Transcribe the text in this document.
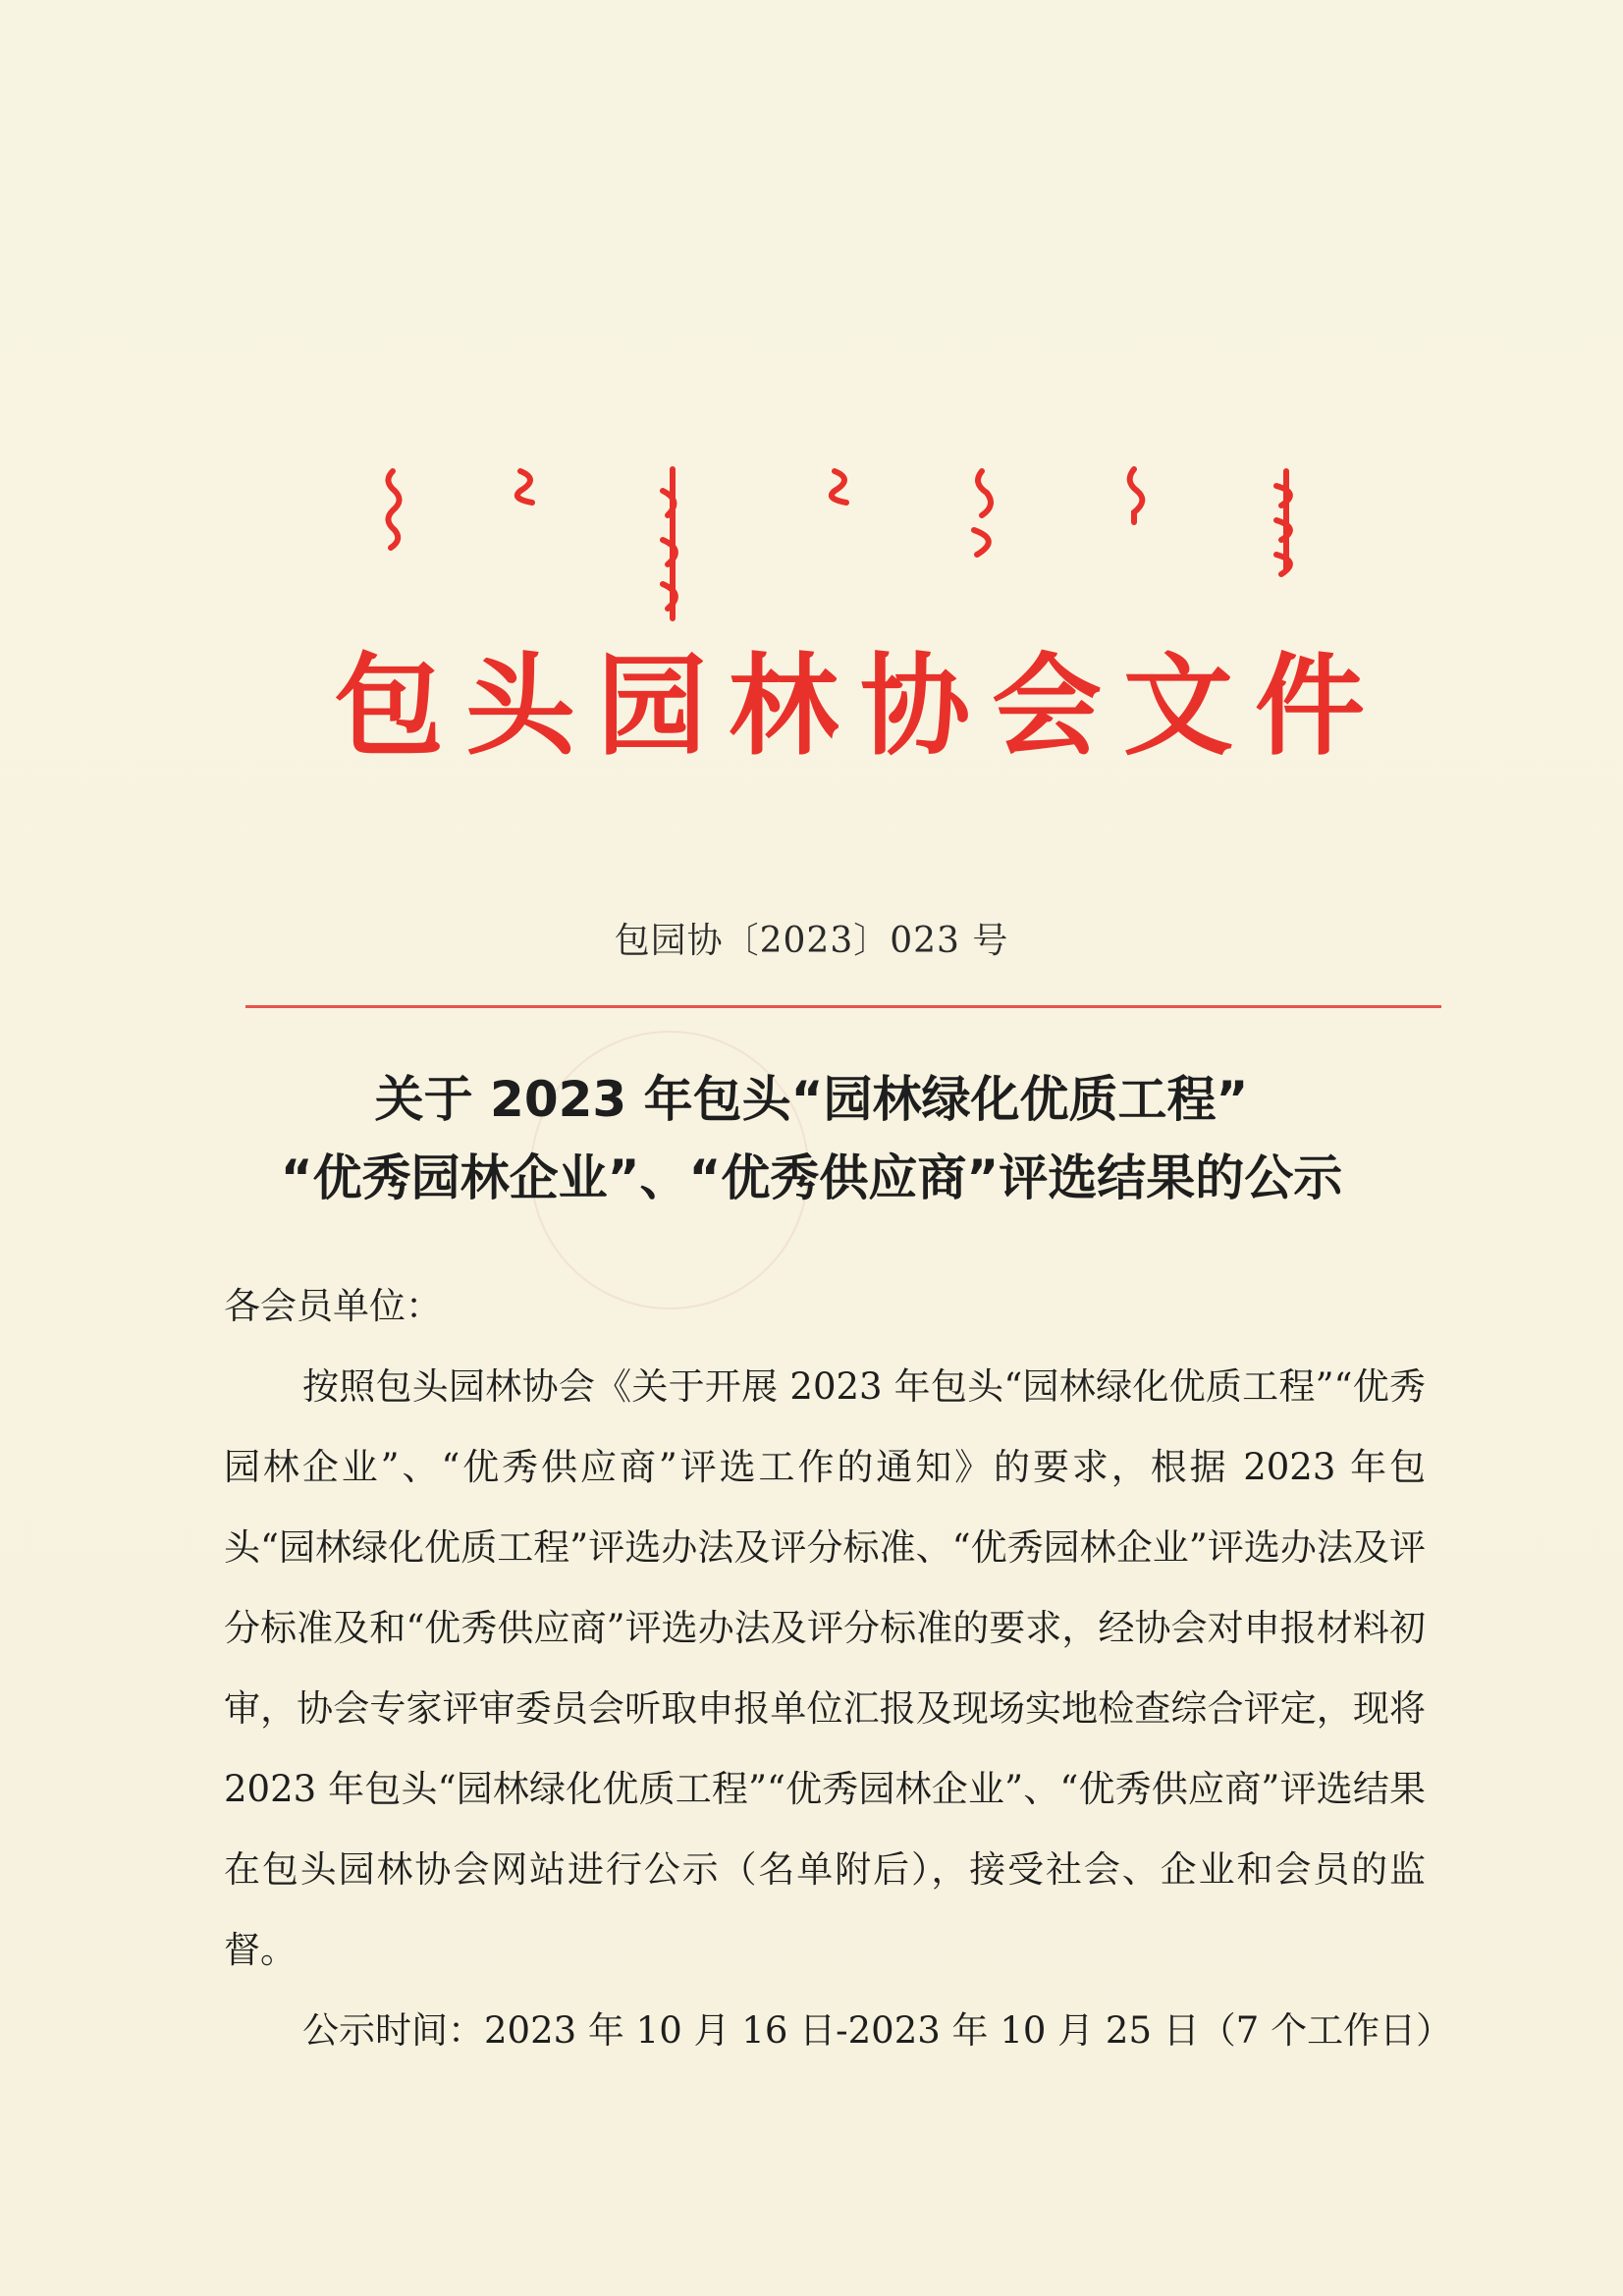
包头园林协会文件
包园协〔2023〕023 号
关于 2023 年包头“园林绿化优质工程”
“优秀园林企业”、“优秀供应商”评选结果的公示

各会员单位：

按照包头园林协会《关于开展 2023 年包头“园林绿化优质工程”“优秀园林企业”、“优秀供应商”评选工作的通知》的要求，根据 2023 年包头“园林绿化优质工程”评选办法及评分标准、“优秀园林企业”评选办法及评分标准及和“优秀供应商”评选办法及评分标准的要求，经协会对申报材料初审，协会专家评审委员会听取申报单位汇报及现场实地检查综合评定，现将 2023 年包头“园林绿化优质工程”“优秀园林企业”、“优秀供应商”评选结果在包头园林协会网站进行公示（名单附后），接受社会、企业和会员的监督。

公示时间：2023 年 10 月 16 日-2023 年 10 月 25 日（7 个工作日）
